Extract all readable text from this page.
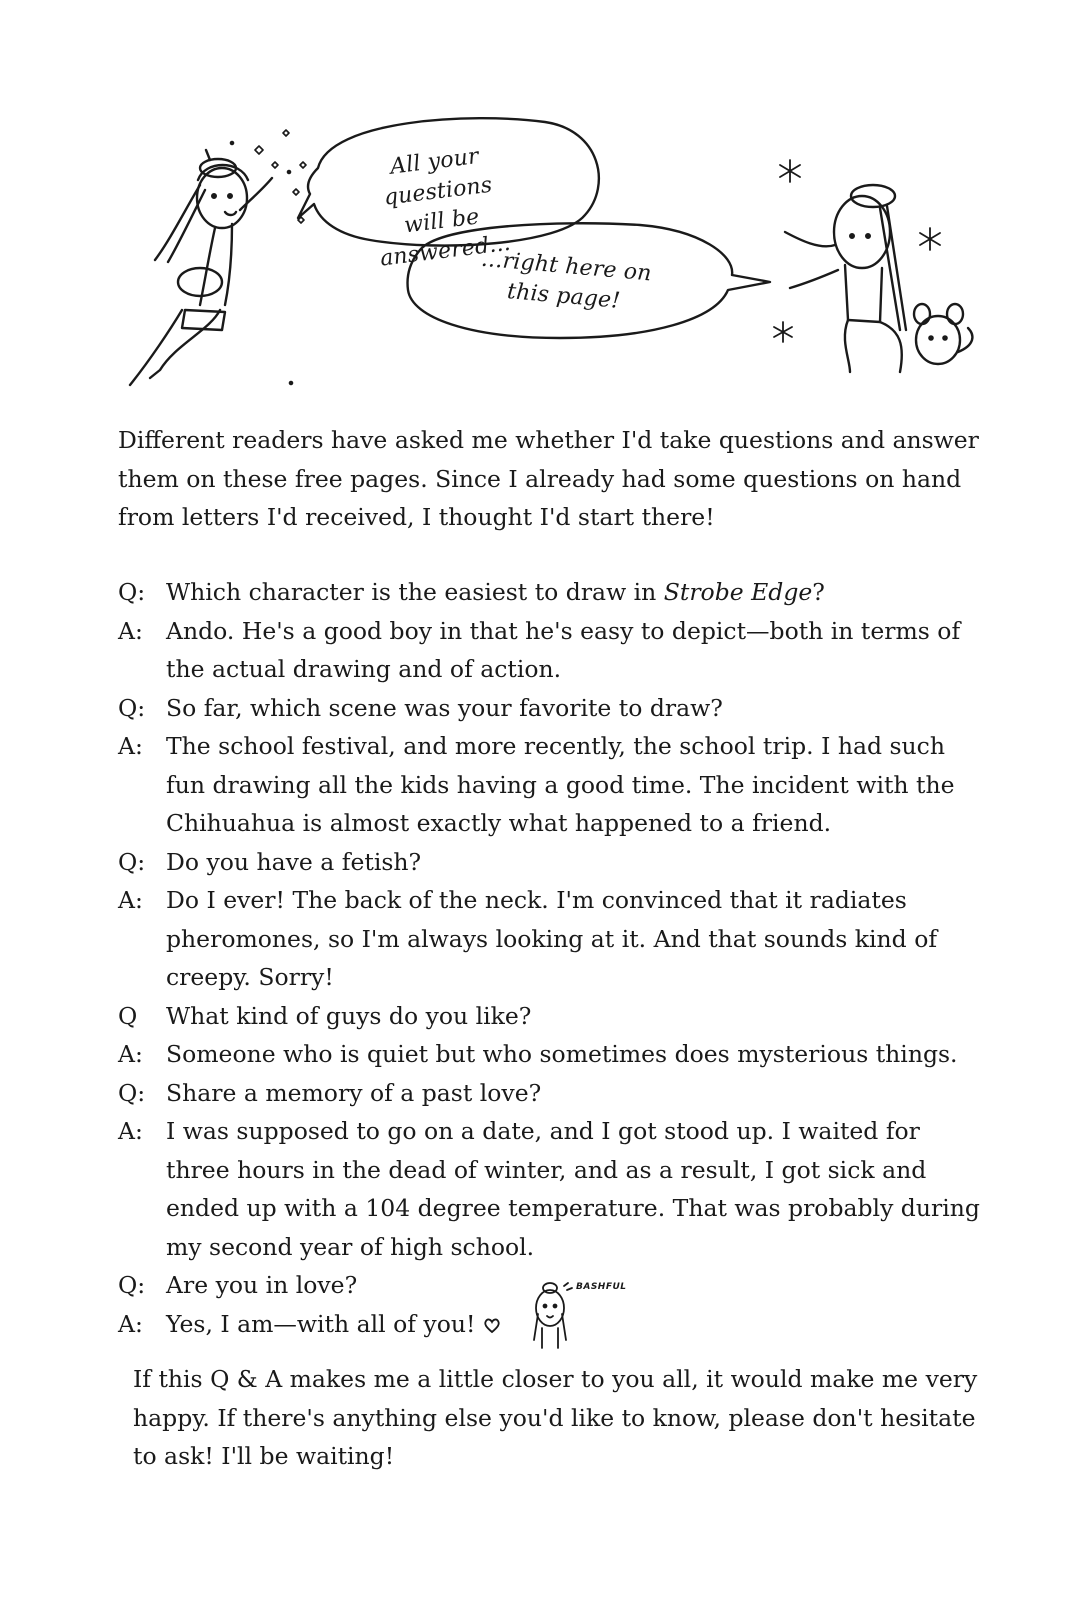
All your questions
will be answered...
...right here on
this page!
Different readers have asked me whether I'd take questions and answer them on these free pages. Since I already had some questions on hand from letters I'd received, I thought I'd start there!
Q: Which character is the easiest to draw in Strobe Edge?
A: Ando. He's a good boy in that he's easy to depict—both in terms of the actual drawing and of action.
Q: So far, which scene was your favorite to draw?
A: The school festival, and more recently, the school trip. I had such fun drawing all the kids having a good time. The incident with the Chihuahua is almost exactly what happened to a friend.
Q: Do you have a fetish?
A: Do I ever! The back of the neck. I'm convinced that it radiates pheromones, so I'm always looking at it. And that sounds kind of creepy. Sorry!
Q	What kind of guys do you like?
A: Someone who is quiet but who sometimes does mysterious things.
Q: Share a memory of a past love?
A: I was supposed to go on a date, and I got stood up. I waited for three hours in the dead of winter, and as a result, I got sick and ended up with a 104 degree temperature. That was probably during my second year of high school.
Q: Are you in love?
A: Yes, I am—with all of you!
BASHFUL
If this Q & A makes me a little closer to you all, it would make me very happy. If there's anything else you'd like to know, please don't hesitate to ask! I'll be waiting!
